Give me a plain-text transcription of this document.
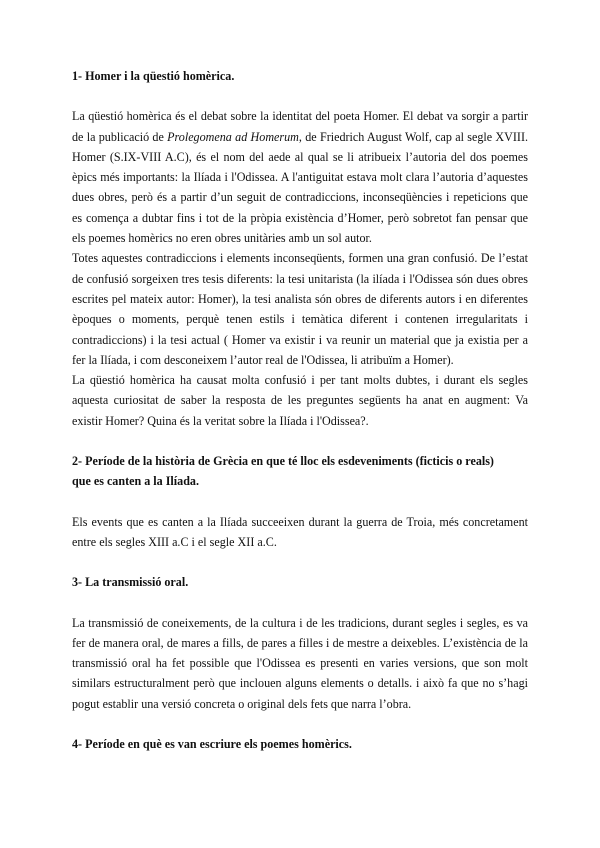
1- Homer i la qüestió homèrica.

La qüestió homèrica és el debat sobre la identitat del poeta Homer. El debat va sorgir a partir de la publicació de Prolegomena ad Homerum, de Friedrich August Wolf, cap al segle XVIII. Homer (S.IX-VIII A.C), és el nom del aede al qual se li atribueix l’autoria del dos poemes èpics més importants: la Ilíada i l'Odissea. A l'antiguitat estava molt clara l’autoria d’aquestes dues obres, però és a partir d’un seguit de contradiccions, inconseqüències i repeticions que es comença a dubtar fins i tot de la pròpia existència d’Homer, però sobretot fan pensar que els poemes homèrics no eren obres unitàries amb un sol autor.

Totes aquestes contradiccions i elements inconseqüents, formen una gran confusió. De l’estat de confusió sorgeixen tres tesis diferents: la tesi unitarista (la ilíada i l'Odissea són dues obres escrites pel mateix autor: Homer), la tesi analista són obres de diferents autors i en diferentes èpoques o moments, perquè tenen estils i temàtica diferent i contenen irregularitats i contradiccions) i la tesi actual ( Homer va existir i va reunir un material que ja existia per a fer la Ilíada, i com desconeixem l’autor real de l'Odissea, li atribuïm a Homer).

La qüestió homèrica ha causat molta confusió i per tant molts dubtes, i durant els segles aquesta curiositat de saber la resposta de les preguntes següents ha anat en augment: Va existir Homer? Quina és la veritat sobre la Ilíada i l'Odissea?.

2- Període de la història de Grècia en que té lloc els esdeveniments (ficticis o reals)
que es canten a la Ilíada.

Els events que es canten a la Ilíada succeeixen durant la guerra de Troia, més concretament entre els segles XIII a.C i el segle XII a.C.

3- La transmissió oral.

La transmissió de coneixements, de la cultura i de les tradicions, durant segles i segles, es va fer de manera oral, de mares a fills, de pares a filles i de mestre a deixebles. L’existència de la transmissió oral ha fet possible que l'Odissea es presenti en varies versions, que son molt similars estructuralment però que inclouen alguns elements o detalls. i això fa que no s’hagi pogut establir una versió concreta o original dels fets que narra l’obra.

4- Període en què es van escriure els poemes homèrics.
